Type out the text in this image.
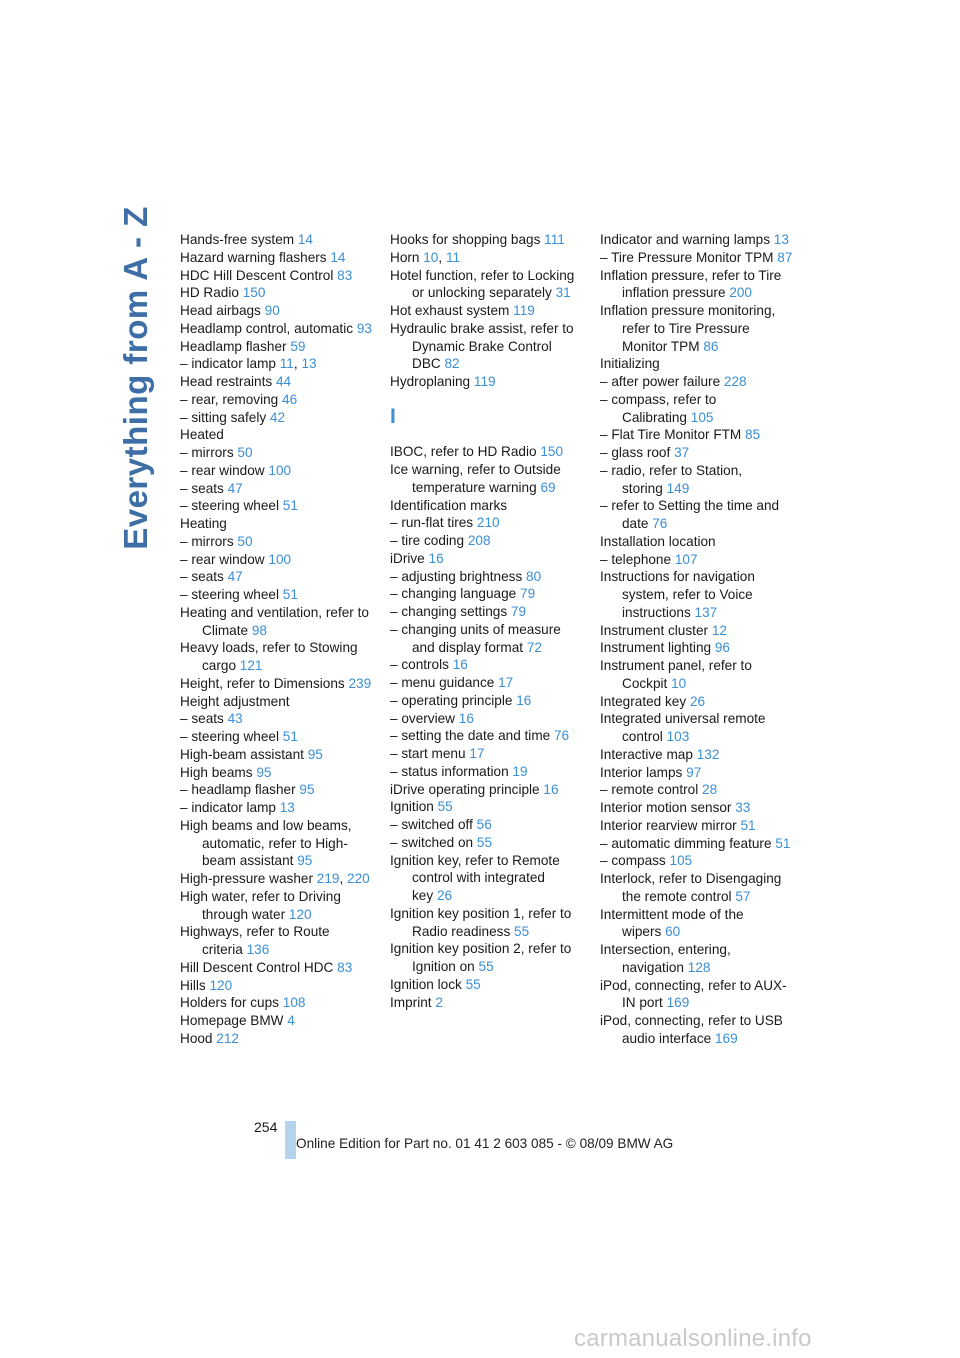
Everything from A - Z Hands-free system 14
Hazard warning flashers 14
HDC Hill Descent Control 83
HD Radio 150
Head airbags 90
Headlamp control, automatic 93
Headlamp flasher 59
– indicator lamp 11, 13
Head restraints 44
– rear, removing 46
– sitting safely 42
Heated
– mirrors 50
– rear window 100
– seats 47
– steering wheel 51
Heating
– mirrors 50
– rear window 100
– seats 47
– steering wheel 51
Heating and ventilation, refer to Climate 98
Heavy loads, refer to Stowing cargo 121
Height, refer to Dimensions 239
Height adjustment
– seats 43
– steering wheel 51
High-beam assistant 95
High beams 95
– headlamp flasher 95
– indicator lamp 13
High beams and low beams, automatic, refer to High-beam assistant 95
High-pressure washer 219, 220
High water, refer to Driving through water 120
Highways, refer to Route criteria 136
Hill Descent Control HDC 83
Hills 120
Holders for cups 108
Homepage BMW 4
Hood 212
Hooks for shopping bags 111
Horn 10, 11
Hotel function, refer to Locking or unlocking separately 31
Hot exhaust system 119
Hydraulic brake assist, refer to Dynamic Brake Control DBC 82
Hydroplaning 119
I
IBOC, refer to HD Radio 150
Ice warning, refer to Outside temperature warning 69
Identification marks
– run-flat tires 210
– tire coding 208
iDrive 16
– adjusting brightness 80
– changing language 79
– changing settings 79
– changing units of measure and display format 72
– controls 16
– menu guidance 17
– operating principle 16
– overview 16
– setting the date and time 76
– start menu 17
– status information 19
iDrive operating principle 16
Ignition 55
– switched off 56
– switched on 55
Ignition key, refer to Remote control with integrated key 26
Ignition key position 1, refer to Radio readiness 55
Ignition key position 2, refer to Ignition on 55
Ignition lock 55
Imprint 2
Indicator and warning lamps 13
– Tire Pressure Monitor TPM 87
Inflation pressure, refer to Tire inflation pressure 200
Inflation pressure monitoring, refer to Tire Pressure Monitor TPM 86
Initializing
– after power failure 228
– compass, refer to Calibrating 105
– Flat Tire Monitor FTM 85
– glass roof 37
– radio, refer to Station, storing 149
– refer to Setting the time and date 76
Installation location
– telephone 107
Instructions for navigation system, refer to Voice instructions 137
Instrument cluster 12
Instrument lighting 96
Instrument panel, refer to Cockpit 10
Integrated key 26
Integrated universal remote control 103
Interactive map 132
Interior lamps 97
– remote control 28
Interior motion sensor 33
Interior rearview mirror 51
– automatic dimming feature 51
– compass 105
Interlock, refer to Disengaging the remote control 57
Intermittent mode of the wipers 60
Intersection, entering, navigation 128
iPod, connecting, refer to AUX-IN port 169
iPod, connecting, refer to USB audio interface 169
254
Online Edition for Part no. 01 41 2 603 085 - © 08/09 BMW AG
carmanualsonline.info
